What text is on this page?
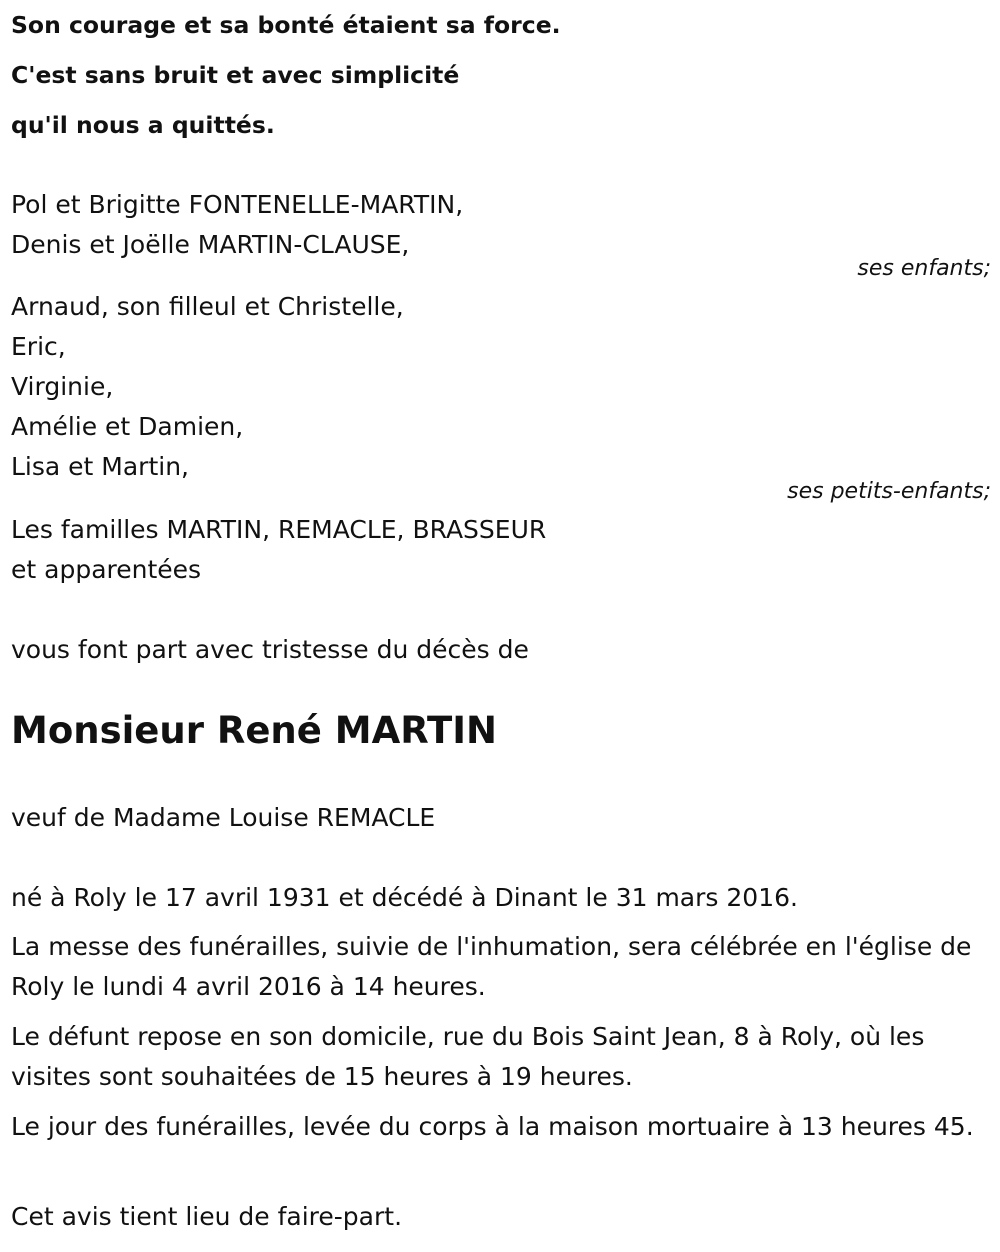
Son courage et sa bonté étaient sa force.
C'est sans bruit et avec simplicité
qu'il nous a quittés.
Pol et Brigitte FONTENELLE-MARTIN,
Denis et Joëlle MARTIN-CLAUSE,
ses enfants;
Arnaud, son filleul et Christelle,
Eric,
Virginie,
Amélie et Damien,
Lisa et Martin,
ses petits-enfants;
Les familles MARTIN, REMACLE, BRASSEUR
et apparentées
vous font part avec tristesse du décès de
Monsieur René MARTIN
veuf de Madame Louise REMACLE
né à Roly le 17 avril 1931 et décédé à Dinant le 31 mars 2016.
La messe des funérailles, suivie de l'inhumation, sera célébrée en l'église de Roly le lundi 4 avril 2016 à 14 heures.
Le défunt repose en son domicile, rue du Bois Saint Jean, 8 à Roly, où les visites sont souhaitées de 15 heures à 19 heures.
Le jour des funérailles, levée du corps à la maison mortuaire à 13 heures 45.
Cet avis tient lieu de faire-part.
